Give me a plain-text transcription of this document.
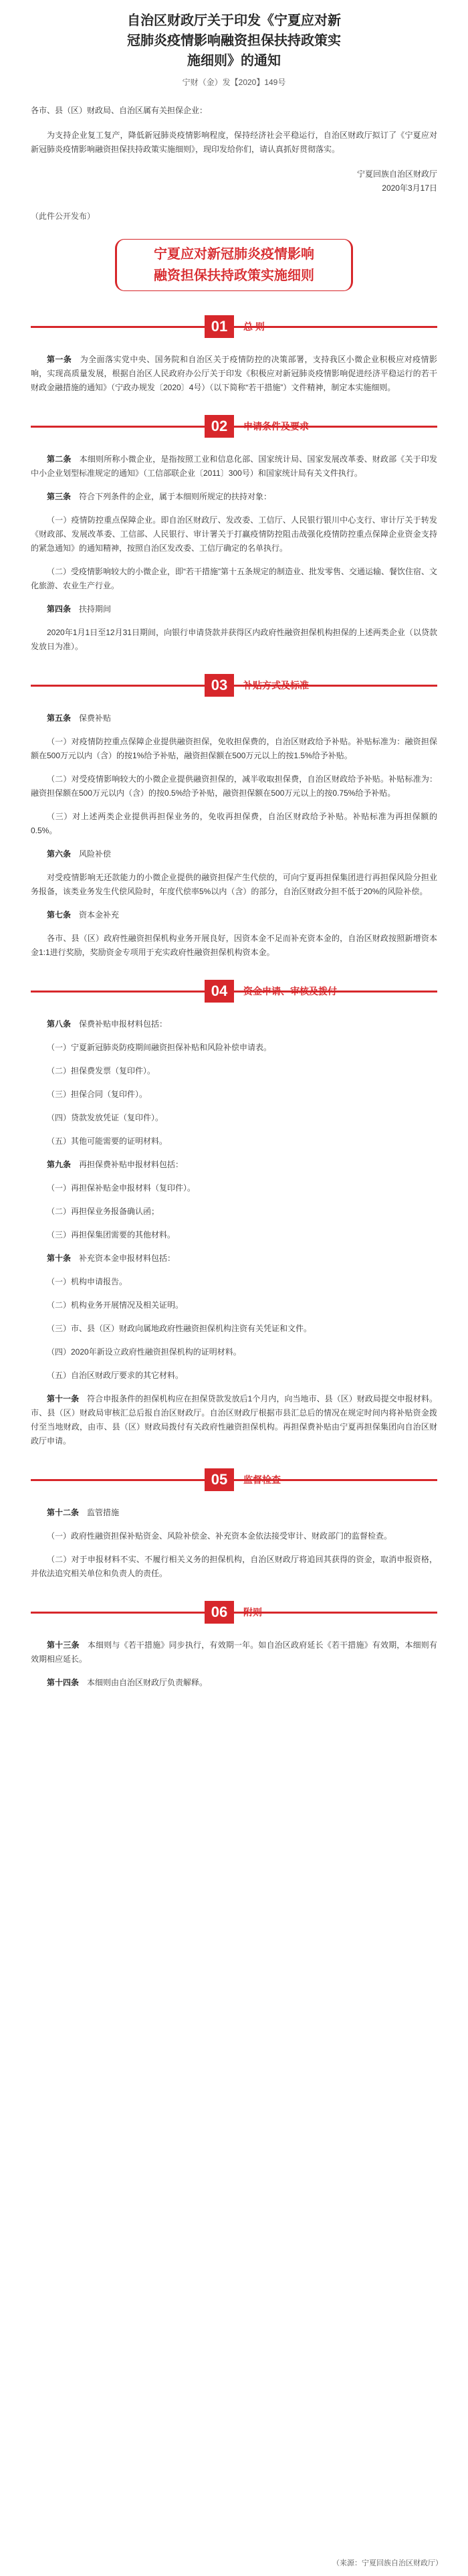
自治区财政厅关于印发《宁夏应对新
冠肺炎疫情影响融资担保扶持政策实
施细则》的通知
宁财（金）发【2020】149号

各市、县（区）财政局、自治区属有关担保企业：

为支持企业复工复产，降低新冠肺炎疫情影响程度，保持经济社会平稳运行，自治区财政厅拟订了《宁夏应对新冠肺炎疫情影响融资担保扶持政策实施细则》，现印发给你们，请认真抓好贯彻落实。

宁夏回族自治区财政厅
2020年3月17日
（此件公开发布）
宁夏应对新冠肺炎疫情影响
融资担保扶持政策实施细则
01	总 则

第一条　 为全面落实党中央、国务院和自治区关于疫情防控的决策部署，支持我区小微企业积极应对疫情影响，实现高质量发展，根据自治区人民政府办公厅关于印发《积极应对新冠肺炎疫情影响促进经济平稳运行的若干财政金融措施的通知》（宁政办规发〔2020〕4号）（以下简称“若干措施”）文件精神，制定本实施细则。

02	申请条件及要求

第二条　 本细则所称小微企业，是指按照工业和信息化部、国家统计局、国家发展改革委、财政部《关于印发中小企业划型标准规定的通知》（工信部联企业〔2011〕300号）和国家统计局有关文件执行。

第三条　 符合下列条件的企业，属于本细则所规定的扶持对象：

（一）疫情防控重点保障企业。即自治区财政厅、发改委、工信厅、人民银行银川中心支行、审计厅关于转发《财政部、发展改革委、工信部、人民银行、审计署关于打赢疫情防控阻击战强化疫情防控重点保障企业资金支持的紧急通知》的通知精神，按照自治区发改委、工信厅确定的名单执行。

（二）受疫情影响较大的小微企业，即“若干措施”第十五条规定的制造业、批发零售、交通运输、餐饮住宿、文化旅游、农业生产行业。

第四条　 扶持期间

2020年1月1日至12月31日期间，向银行申请贷款并获得区内政府性融资担保机构担保的上述两类企业（以贷款发放日为准）。

03	补贴方式及标准

第五条　 保费补贴

（一）对疫情防控重点保障企业提供融资担保，免收担保费的，自治区财政给予补贴。补贴标准为：融资担保额在500万元以内（含）的按1%给予补贴，融资担保额在500万元以上的按1.5%给予补贴。

（二）对受疫情影响较大的小微企业提供融资担保的，减半收取担保费，自治区财政给予补贴。补贴标准为：融资担保额在500万元以内（含）的按0.5%给予补贴，融资担保额在500万元以上的按0.75%给予补贴。

（三）对上述两类企业提供再担保业务的，免收再担保费，自治区财政给予补贴。补贴标准为再担保额的0.5%。

第六条　 风险补偿

对受疫情影响无还款能力的小微企业提供的融资担保产生代偿的，可向宁夏再担保集团进行再担保风险分担业务报备，该类业务发生代偿风险时，年度代偿率5%以内（含）的部分，自治区财政分担不低于20%的风险补偿。

第七条　 资本金补充

各市、县（区）政府性融资担保机构业务开展良好，因资本金不足而补充资本金的，自治区财政按照新增资本金1:1进行奖励，奖励资金专项用于充实政府性融资担保机构资本金。

04	资金申请、审核及拨付

第八条　 保费补贴申报材料包括：

（一）宁夏新冠肺炎防疫期间融资担保补贴和风险补偿申请表。

（二）担保费发票（复印件）。

（三）担保合同（复印件）。

（四）贷款发放凭证（复印件）。

（五）其他可能需要的证明材料。

第九条　 再担保费补贴申报材料包括：

（一）再担保补贴金申报材料（复印件）。

（二）再担保业务报备确认函；

（三）再担保集团需要的其他材料。

第十条　 补充资本金申报材料包括：

（一）机构申请报告。

（二）机构业务开展情况及相关证明。

（三）市、县（区）财政向属地政府性融资担保机构注资有关凭证和文件。

（四）2020年新设立政府性融资担保机构的证明材料。

（五）自治区财政厅要求的其它材料。

第十一条　 符合申报条件的担保机构应在担保贷款发放后1个月内，向当地市、县（区）财政局提交申报材料。市、县（区）财政局审核汇总后报自治区财政厅。自治区财政厅根据市县汇总后的情况在规定时间内将补贴资金拨付至当地财政，由市、县（区）财政局拨付有关政府性融资担保机构。再担保费补贴由宁夏再担保集团向自治区财政厅申请。

05	监督检查

第十二条　 监管措施

（一）政府性融资担保补贴资金、风险补偿金、补充资本金依法接受审计、财政部门的监督检查。

（二）对于申报材料不实、不履行相关义务的担保机构，自治区财政厅将追回其获得的资金，取消申报资格，并依法追究相关单位和负责人的责任。

06	附则

第十三条　 本细则与《若干措施》同步执行，有效期一年。如自治区政府延长《若干措施》有效期，本细则有效期相应延长。

第十四条　 本细则由自治区财政厅负责解释。

（来源：宁夏回族自治区财政厅）
